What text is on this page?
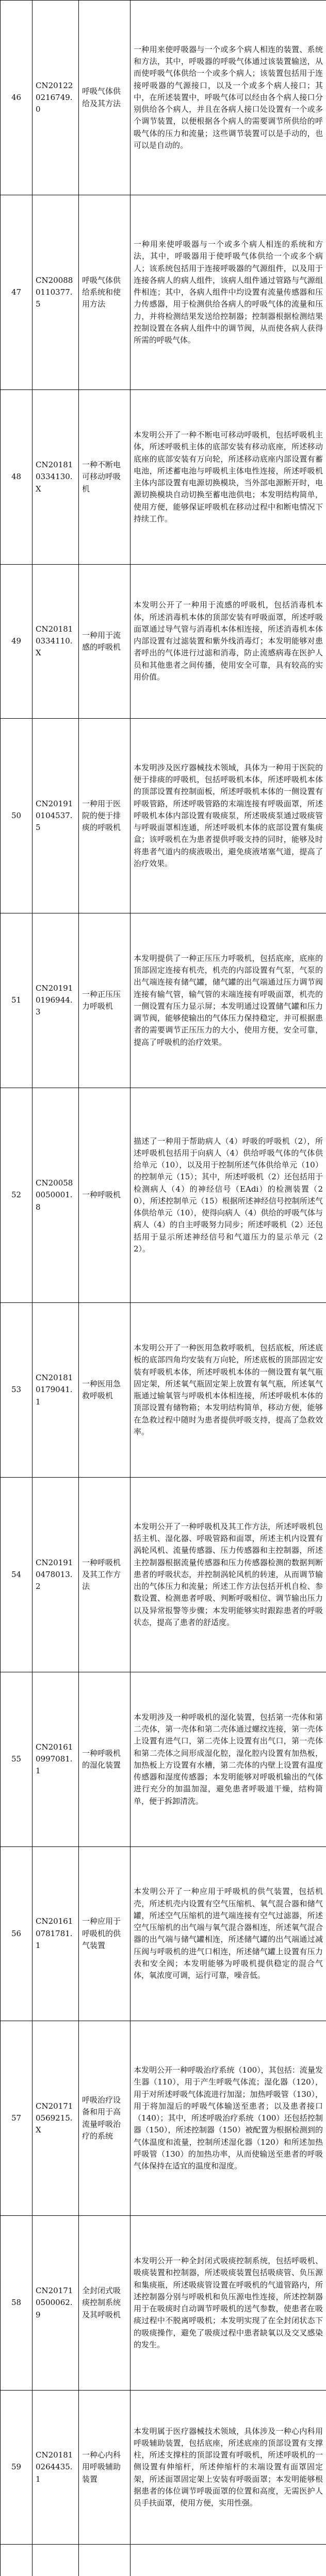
46	CN201220216749.0	呼吸气体供给及其方法	一种用来使呼吸器与一个或多个病人相连的装置、系统和方法，其中，呼吸器的呼吸气体通过该装置输送，从而使呼吸气体供给一个或多个病人；该装置包括用于连接呼吸器的气源接口，以及一个或多个病人接口；其中，在所述装置中，呼吸气体可以经由各个病人接口分别供给各个病人，并且在各病人接口处设置有一个或多个调节装置，以便根据各个病人的需要调节所供给的呼吸气体的压力和流量；这些调节装置可以是手动的，也可以是自动的。
47	CN200880110377.5	呼吸气体供给系统和使用方法	一种用来使呼吸器与一个或多个病人相连的系统和方法，其中，呼吸器用于使呼吸气体供给一个或多个病人；该系统包括用于连接呼吸器的气源组件，以及用于连接各病人的病人组件，该病人组件通过管路与气源组件相连；其中，各病人组件中均设置有流量传感器和压力传感器，用于检测供给各病人的呼吸气体的流量和压力，并将检测结果发送给控制器；控制器根据检测结果控制设置在各病人组件中的调节阀，从而使各病人获得所需的呼吸气体。
48	CN201810334130.X	一种不断电可移动呼吸机	本发明公开了一种不断电可移动呼吸机，包括呼吸机主体，所述呼吸机主体的底部安装有移动底座，所述移动底座的底部安装有万向轮，所述移动底座内部设置有蓄电池，所述蓄电池与呼吸机主体电性连接，所述呼吸机主体内部设置有电源切换模块，当外部电源断开时，电源切换模块自动切换至蓄电池供电；本发明结构简单，使用方便，能够保证呼吸机在移动过程中和断电情况下持续工作。
49	CN201810334110.X	一种用于流感的呼吸机	本发明公开了一种用于流感的呼吸机，包括消毒机本体，所述消毒机本体的顶部安装有呼吸面罩，所述呼吸面罩通过导气管与消毒机本体相连接，所述消毒机本体内部设置有过滤装置和紫外线消毒灯；本发明能够对患者呼出的气体进行过滤和消毒，防止流感病毒在医护人员和其他患者之间传播，使用安全可靠，具有较高的实用价值。
50	CN201910104537.5	一种用于医院的便于排痰的呼吸机	本发明涉及医疗器械技术领域，具体为一种用于医院的便于排痰的呼吸机，包括呼吸机本体，所述呼吸机本体的顶部设置有控制面板，所述呼吸机本体的一侧设置有呼吸管路，所述呼吸管路的末端连接有呼吸面罩，所述呼吸机本体内部设置有吸痰泵，所述吸痰泵通过吸痰管与呼吸面罩相连通，所述呼吸机本体的底部设置有集痰盒；该呼吸机在为患者提供呼吸支持的同时，能够及时将患者气道内的痰液吸出，避免痰液堵塞气道，提高了治疗效果。
51	CN201910196944.3	一种正压压力呼吸机	本发明提供了一种正压压力呼吸机，包括底座，底座的顶部固定连接有机壳，机壳的内部设置有气泵，气泵的出气端连接有储气罐，储气罐的出气端通过压力调节阀连接有输气管，输气管的末端连接有呼吸面罩，机壳的一侧设置有压力显示屏；本发明通过设置储气罐和压力调节阀，能够使输出的气体压力保持稳定，并可根据患者的需要调节正压压力的大小，使用方便，安全可靠，提高了呼吸机的治疗效果。
52	CN200580050001.8	一种呼吸机	描述了一种用于帮助病人（4）呼吸的呼吸机（2），所述呼吸机包括用于向病人（4）供给呼吸气体的气体供给单元（10），以及用于控制所述气体供给单元（10）的控制单元（15）；其中，所述呼吸机（2）还包括用于检测病人（4）的神经信号（EAdi）的检测装置（20），所述控制单元（15）根据所述神经信号控制所述气体供给单元（10），使得向病人（4）供给的呼吸气体与病人（4）的自主呼吸努力同步；所述呼吸机（2）还包括用于显示所述神经信号和气道压力的显示单元（22）。
53	CN201810179041.1	一种医用急救呼吸机	本发明公开了一种医用急救呼吸机，包括底板，所述底板的底部四角均安装有万向轮，所述底板的顶部固定安装有呼吸机本体，所述呼吸机本体的一侧设置有氧气瓶固定架，所述氧气瓶固定架上放置有氧气瓶，所述氧气瓶通过输氧管与呼吸机本体相连接，所述呼吸机本体的顶部设置有储物箱；本发明结构简单，移动方便，能够在急救过程中随时为患者提供呼吸支持，提高了急救效率。
54	CN201910478013.2	一种呼吸机及其工作方法	本发明公开了一种呼吸机及其工作方法，所述呼吸机包括主机、湿化器、呼吸管路和面罩，所述主机内设置有涡轮风机、流量传感器、压力传感器和主控制器，所述主控制器根据流量传感器和压力传感器检测的数据判断患者的呼吸状态，并控制涡轮风机的转速，从而调节输出的气体压力和流量；所述工作方法包括开机自检、参数设置、检测患者呼吸、判断呼吸相位、调节输出压力以及异常报警等步骤；本发明能够实时跟踪患者的呼吸状态，提高了患者的舒适度。
55	CN201610997081.1	一种呼吸机的湿化装置	本发明涉及一种呼吸机的湿化装置，包括第一壳体和第二壳体，第一壳体和第二壳体通过螺纹连接，第一壳体上设置有进气口，第二壳体上设置有出气口，第一壳体和第二壳体之间形成湿化腔，湿化腔内设置有加热板，加热板上方设置有水槽，第二壳体的内壁上设置有温度传感器和湿度传感器；本发明能够对呼吸机输出的气体进行充分的加温加湿，避免患者呼吸道干燥，结构简单，便于拆卸清洗。
56	CN201610781781.1	一种应用于呼吸机的供气装置	本发明公开了一种应用于呼吸机的供气装置，包括机壳，所述机壳内设置有空气压缩机、氧气混合器和储气罐，所述空气压缩机的进气端连接有空气过滤器，所述空气压缩机的出气端与氧气混合器相连，所述氧气混合器的出气端与储气罐相连，所述储气罐的出气端通过减压阀与呼吸机的进气口相连，所述储气罐上设置有压力表和安全阀；本发明能够为呼吸机提供稳定的混合气体，氧浓度可调，运行可靠，噪音低。
57	CN201710569215.X	呼吸治疗设备和用于高流量呼吸治疗的系统	本发明公开一种呼吸治疗系统（100），其包括：流量发生器（110），用于产生呼吸气体流；湿化器（120），用于对所述呼吸气体流进行加湿；加热呼吸管（130），用于将加湿后的呼吸气体输送至患者；以及患者接口（140）；其中，所述呼吸治疗系统（100）还包括控制器（150），所述控制器（150）被配置为根据检测到的气体温度和流量，控制所述湿化器（120）和所述加热呼吸管（130）的加热功率，从而使输送至患者的呼吸气体保持在适宜的温度和湿度。
58	CN201710500062.9	全封闭式吸痰控制系统及其呼吸机	本发明公开一种全封闭式吸痰控制系统，包括呼吸机、吸痰装置和控制器，所述吸痰装置包括吸痰管、负压源和集痰瓶，所述吸痰管设置在呼吸机的气道管路内，所述控制器分别与呼吸机和负压源电性连接，所述控制器用于在吸痰时自动调节呼吸机的送气参数，使患者在吸痰过程中不脱离呼吸机；本发明实现了在全封闭状态下的吸痰操作，避免了吸痰过程中患者缺氧以及交叉感染的发生。
59	CN201810264435.1	一种心内科用呼吸辅助装置	本发明属于医疗器械技术领域，具体涉及一种心内科用呼吸辅助装置，包括底座，所述底座的顶部设置有支撑柱，所述支撑柱的顶部设置有呼吸机，所述呼吸机的一侧设置有伸缩杆，所述伸缩杆的末端设置有面罩固定架，所述面罩固定架上安装有呼吸面罩；本发明能够根据患者的体位调节呼吸面罩的位置和高度，无需医护人员手扶面罩，使用方便，实用性强。
